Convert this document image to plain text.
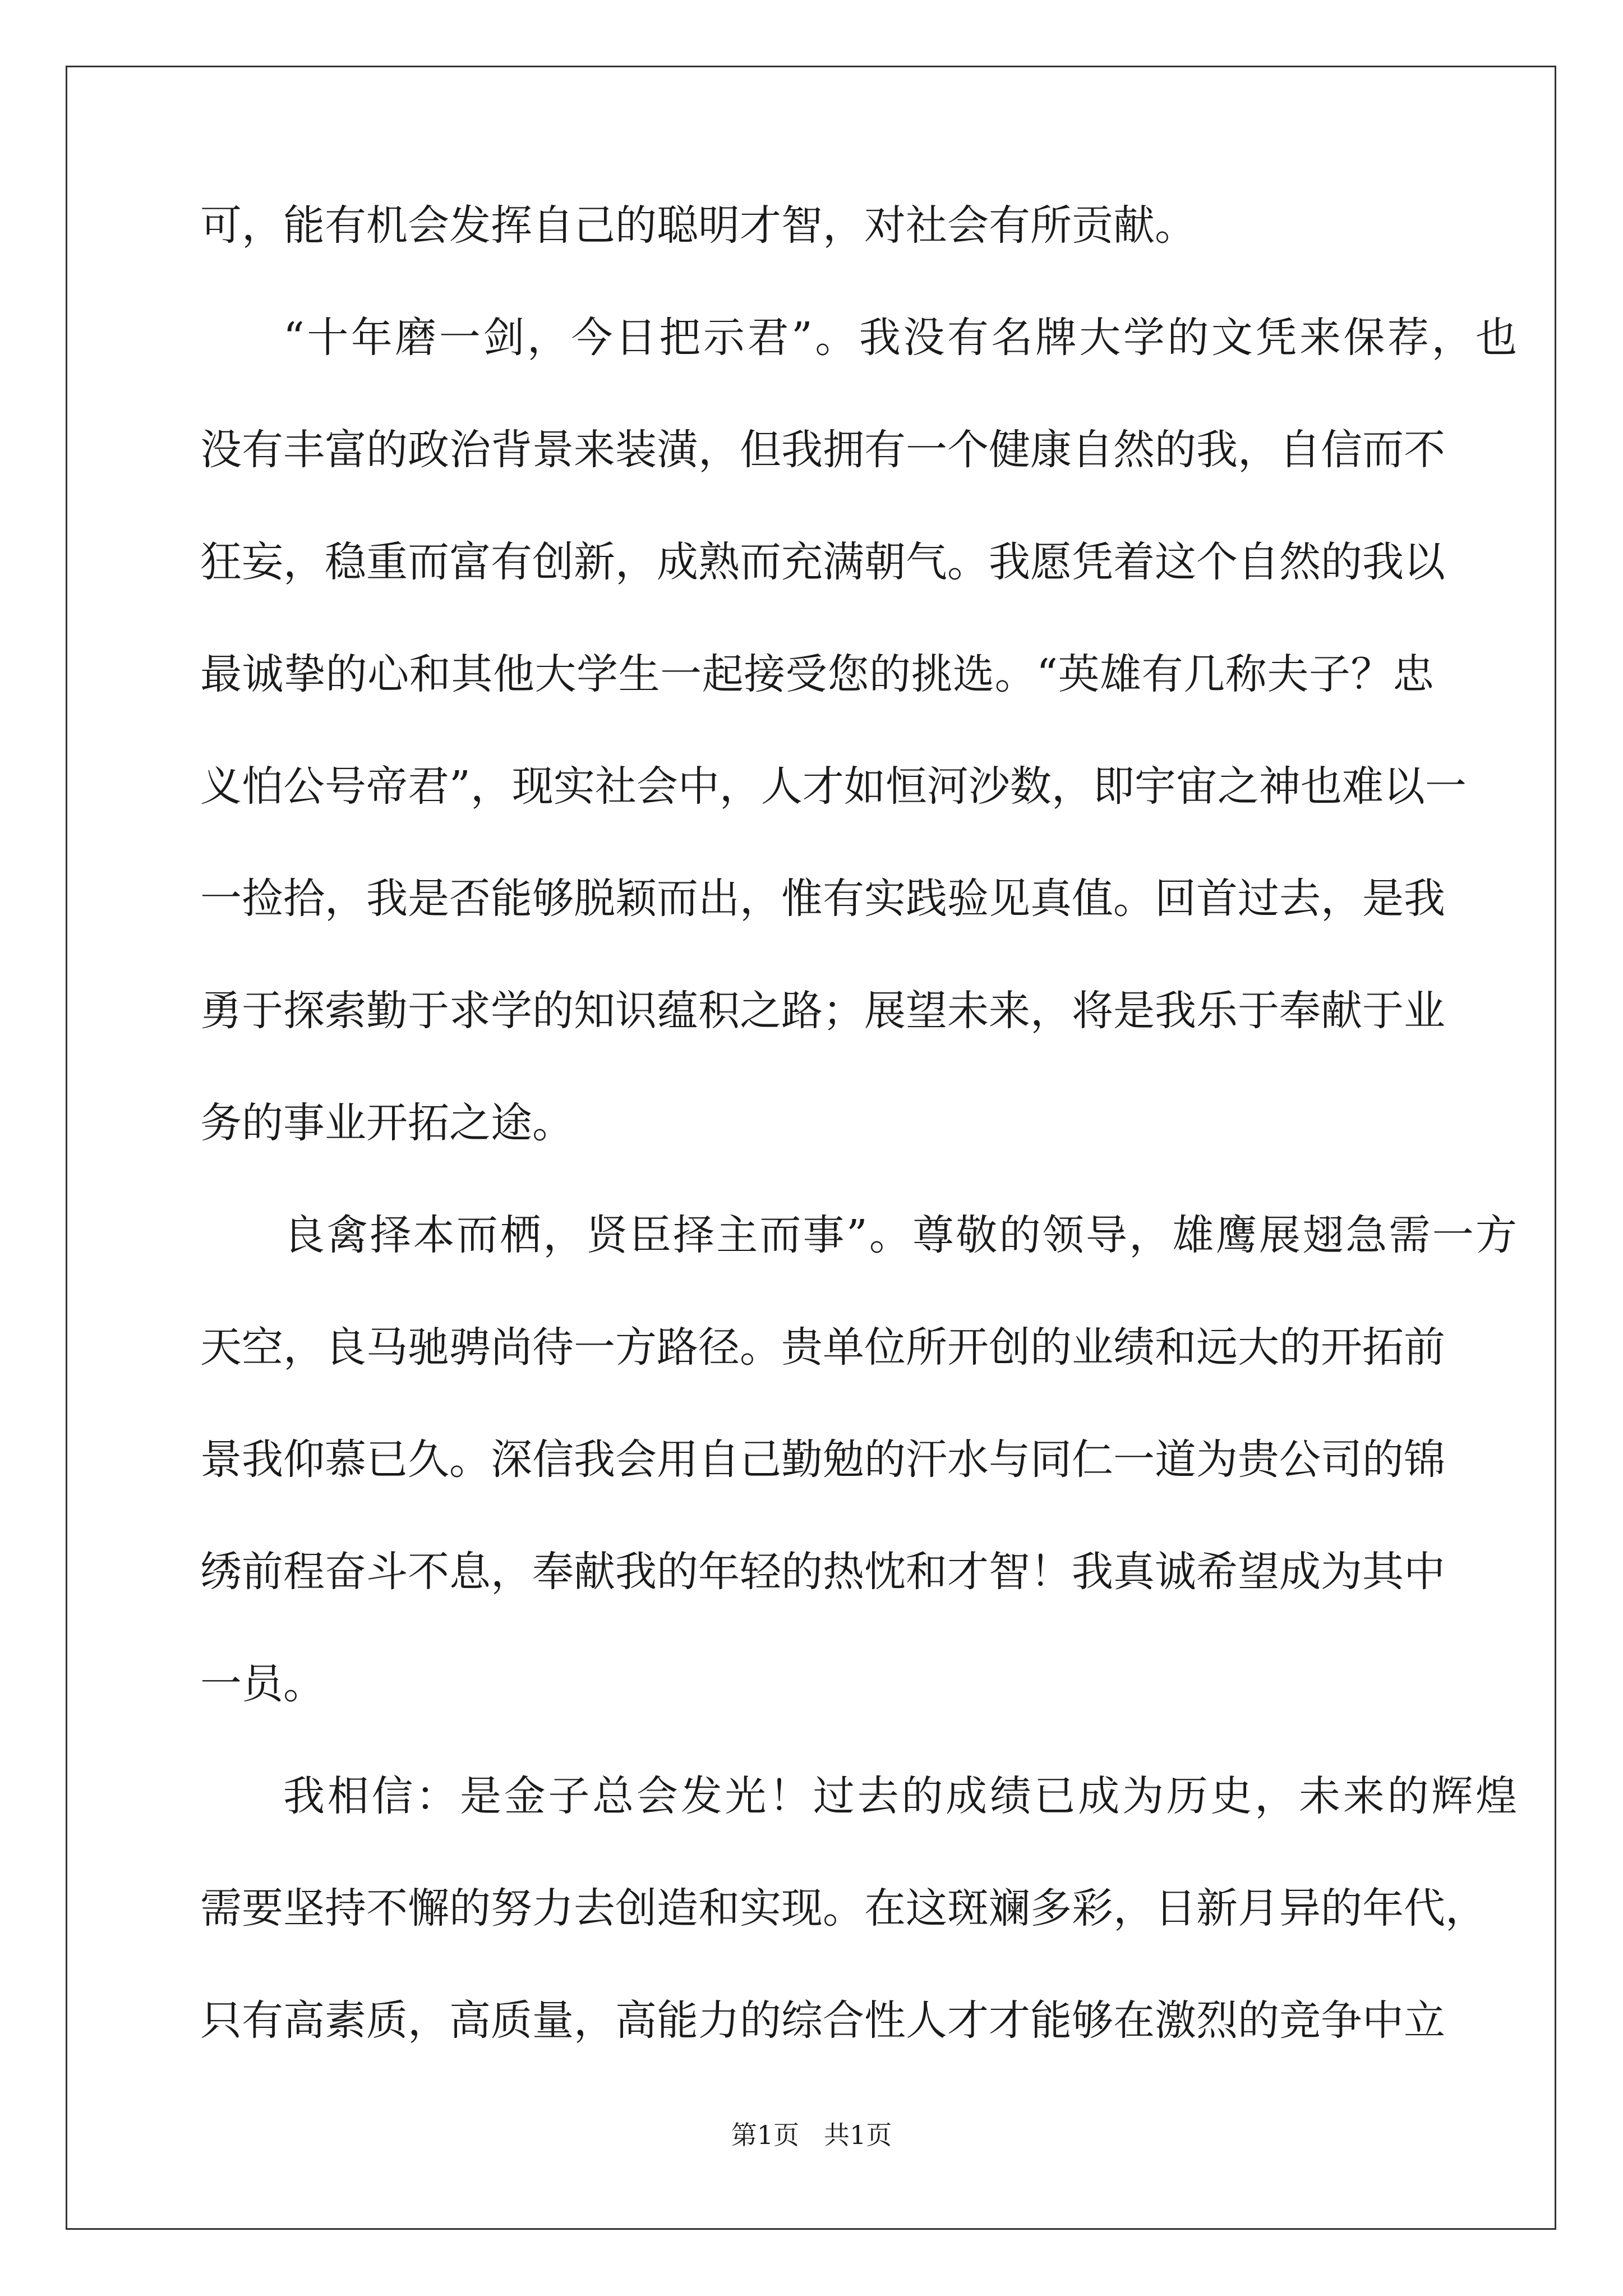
可，能有机会发挥自己的聪明才智，对社会有所贡献。
“十年磨一剑，今日把示君”。我没有名牌大学的文凭来保荐，也
没有丰富的政治背景来装潢，但我拥有一个健康自然的我，自信而不
狂妄，稳重而富有创新，成熟而充满朝气。我愿凭着这个自然的我以
最诚挚的心和其他大学生一起接受您的挑选。“英雄有几称夫子？忠
义怕公号帝君”，现实社会中，人才如恒河沙数，即宇宙之神也难以一
一捡拾，我是否能够脱颖而出，惟有实践验见真值。回首过去，是我
勇于探索勤于求学的知识蕴积之路；展望未来，将是我乐于奉献于业
务的事业开拓之途。
良禽择本而栖，贤臣择主而事”。尊敬的领导，雄鹰展翅急需一方
天空，良马驰骋尚待一方路径。贵单位所开创的业绩和远大的开拓前
景我仰慕已久。深信我会用自己勤勉的汗水与同仁一道为贵公司的锦
绣前程奋斗不息，奉献我的年轻的热忱和才智！我真诚希望成为其中
一员。
我相信：是金子总会发光！过去的成绩已成为历史，未来的辉煌
需要坚持不懈的努力去创造和实现。在这斑斓多彩，日新月异的年代，
只有高素质，高质量，高能力的综合性人才才能够在激烈的竞争中立
第1页 共1页
